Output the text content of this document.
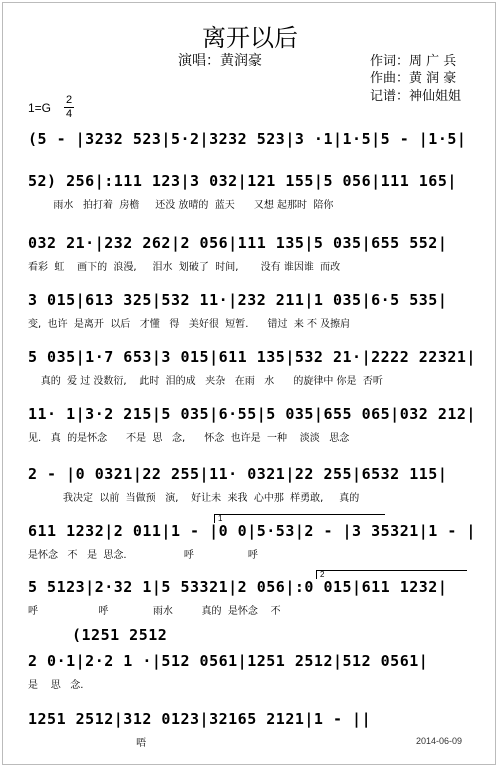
离开以后
演唱：黄润豪	作词：周 广 兵
作曲：黄 润 豪
记谱：神仙姐姐
1=G
2
4
(5 - |3232 523|5·2|3232 523|3 ·1|1·5|5 - |1·5|
52) 256|:111 123|3 032|121 155|5 056|111 165|
雨水   拍打着  房檐     还没 放晴的  蓝天      又想 起那时  陪你
032 21·|232 262|2 056|111 135|5 035|655 552|
看彩  虹    画下的  浪漫,     泪水  划破了  时间,       没有 谁因谁  而改
3 015|613 325|532 11·|232 211|1 035|6·5 535|
变,  也许  是离开  以后   才懂   得   美好很  短暂.      错过  来 不 及擦肩
5 035|1·7 653|3 015|611 135|532 21·|2222 22321|
真的  爱 过 没数衍,    此时  泪的成   夹杂   在雨   水      的旋律中 你是  否听
11· 1|3·2 215|5 035|6·55|5 035|655 065|032 212|
见.   真  的是怀念      不是  思   念,      怀念  也许是  一种    淡淡   思念
2 - |0 0321|22 255|11· 0321|22 255|6532 115|
我决定  以前  当做预   演,    好让未  来我  心中那  样勇敢,     真的
611 1232|2 011|1 - |0 0|5·53|2 - |3 35321|1 - |
是怀念   不   是  思念.                  呼                 呼
1
5 5123|2·32 1|5 53321|2 056|:0 015|611 1232|
呼                   呼              雨水         真的  是怀念    不
2
(1251 2512
2 0·1|2·2 1 ·|512 0561|1251 2512|512 0561|
是    思   念.
1251 2512|312 0123|32165 2121|1 - ||
唔	2014-06-09
